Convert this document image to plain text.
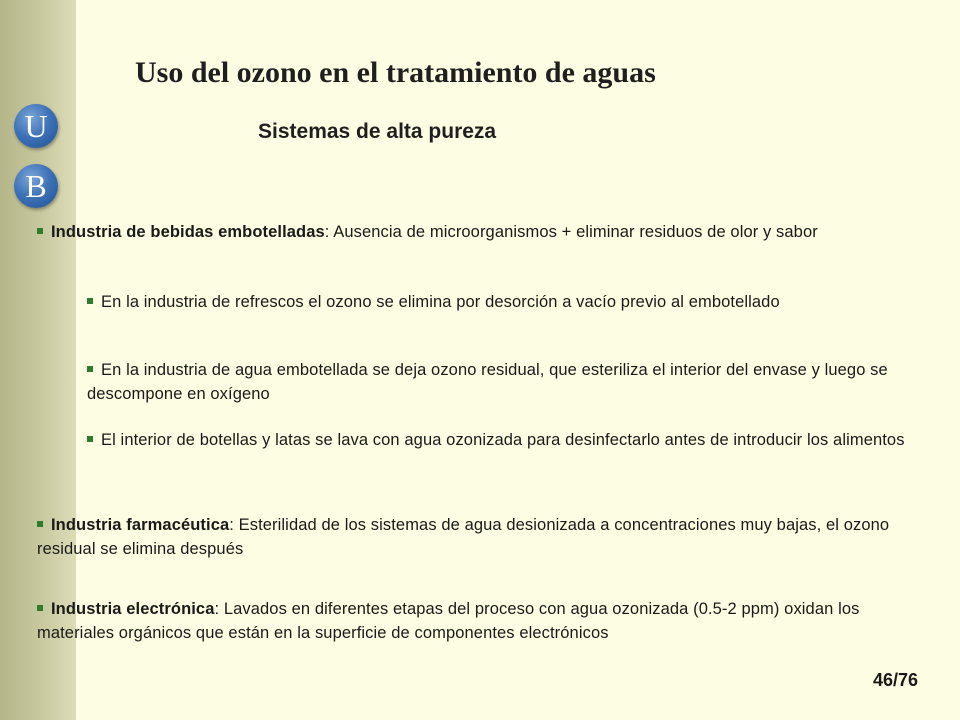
U
B
Uso del ozono en el tratamiento de aguas
Sistemas de alta pureza
Industria de bebidas embotelladas: Ausencia de microorganismos + eliminar residuos de olor y sabor
En la industria de refrescos el ozono se elimina por desorción a vacío previo al embotellado
En la industria de agua embotellada se deja ozono residual, que esteriliza el interior del envase y luego se descompone en oxígeno
El interior de botellas y latas se lava con agua ozonizada para desinfectarlo antes de introducir los alimentos
Industria farmacéutica: Esterilidad de los sistemas de agua desionizada a concentraciones muy bajas, el ozono residual se elimina después
Industria electrónica: Lavados en diferentes etapas del proceso con agua ozonizada (0.5-2 ppm) oxidan los materiales orgánicos que están en la superficie de componentes electrónicos
46/76
